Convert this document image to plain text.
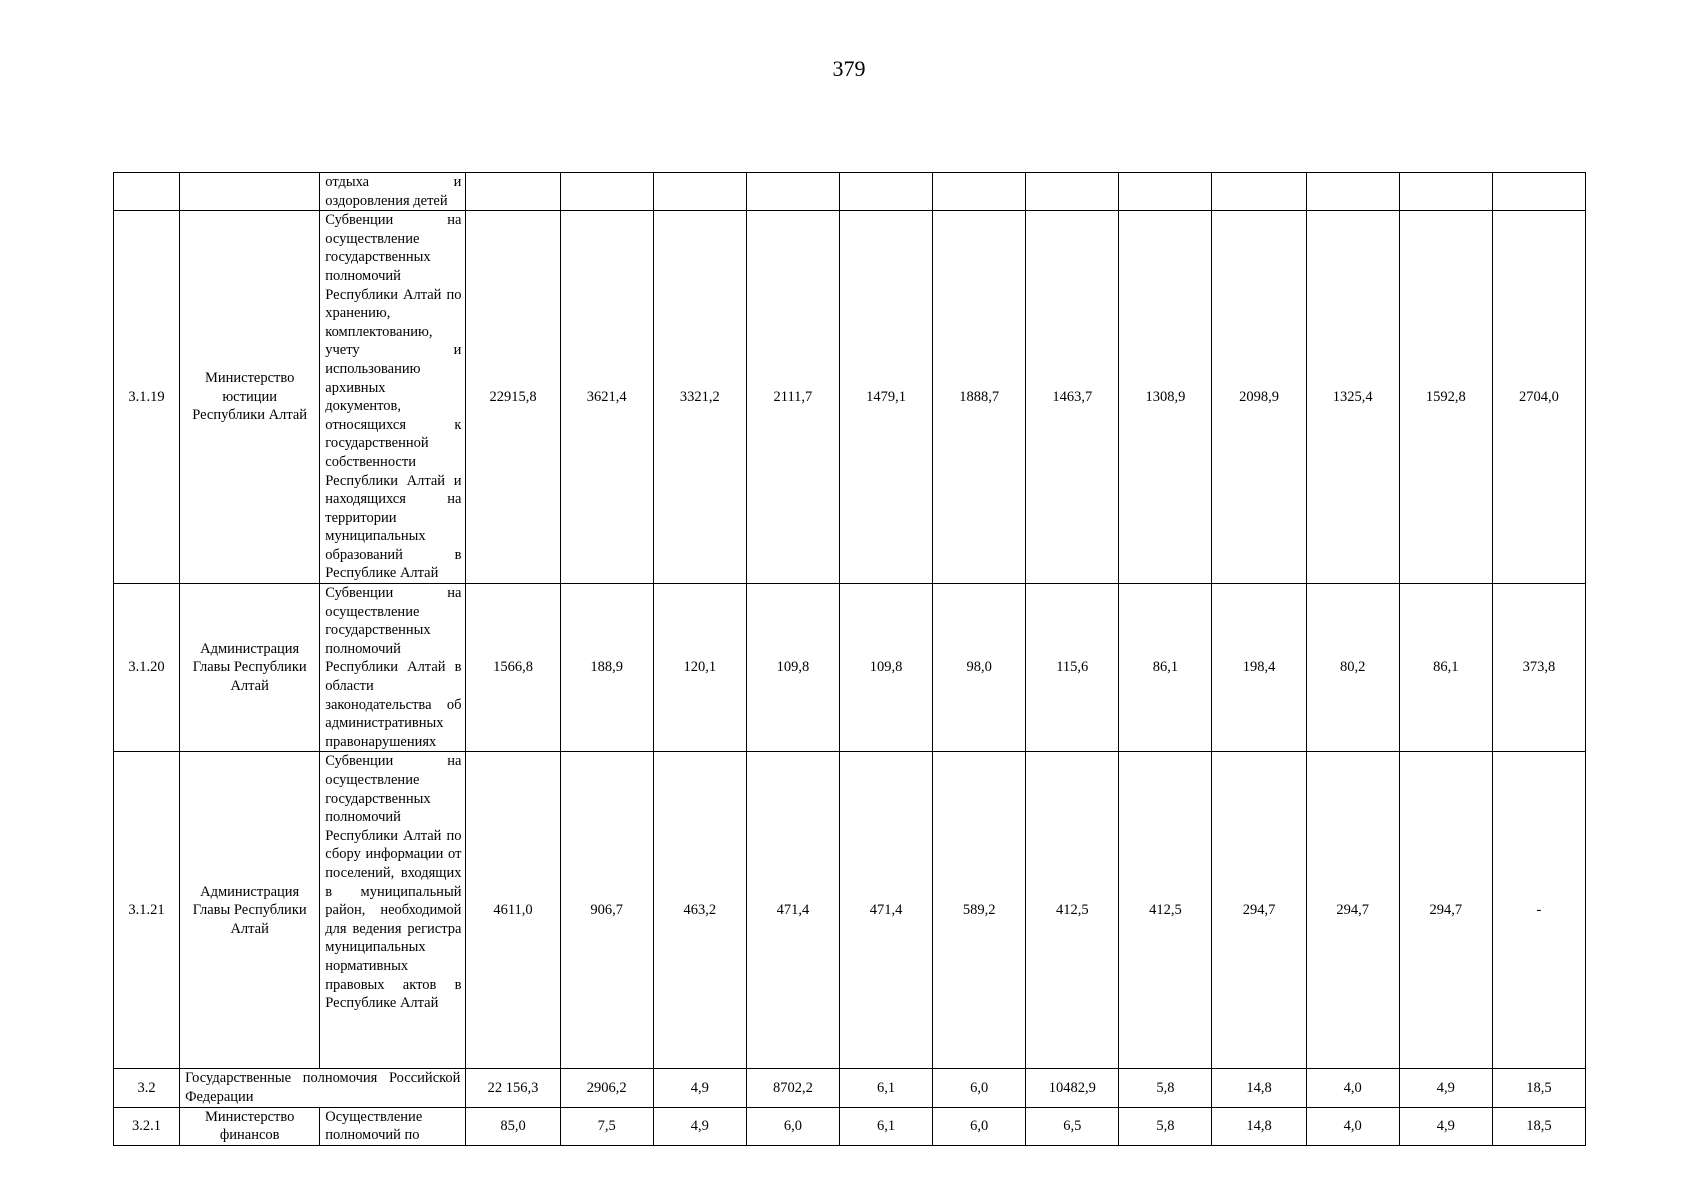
379
		отдыха и оздоровления детей												
3.1.19	Министерство юстиции Республики Алтай	Субвенции на осуществление государственных полномочий Республики Алтай по хранению, комплектованию, учету и использованию архивных документов, относящихся к государственной собственности Республики Алтай и находящихся на территории муниципальных образований в Республике Алтай	22915,8	3621,4	3321,2	2111,7	1479,1	1888,7	1463,7	1308,9	2098,9	1325,4	1592,8	2704,0
3.1.20	Администрация Главы Республики Алтай	Субвенции на осуществление государственных полномочий Республики Алтай в области законодательства об административных правонарушениях	1566,8	188,9	120,1	109,8	109,8	98,0	115,6	86,1	198,4	80,2	86,1	373,8
3.1.21	Администрация Главы Республики Алтай	Субвенции на осуществление государственных полномочий Республики Алтай по сбору информации от поселений, входящих в муниципальный район, необходимой для ведения регистра муниципальных нормативных правовых актов в Республике Алтай	4611,0	906,7	463,2	471,4	471,4	589,2	412,5	412,5	294,7	294,7	294,7	-
3.2	Государственные полномочия Российской Федерации		22 156,3	2906,2	4,9	8702,2	6,1	6,0	10482,9	5,8	14,8	4,0	4,9	18,5
3.2.1	Министерство финансов	Осуществление полномочий по	85,0	7,5	4,9	6,0	6,1	6,0	6,5	5,8	14,8	4,0	4,9	18,5
